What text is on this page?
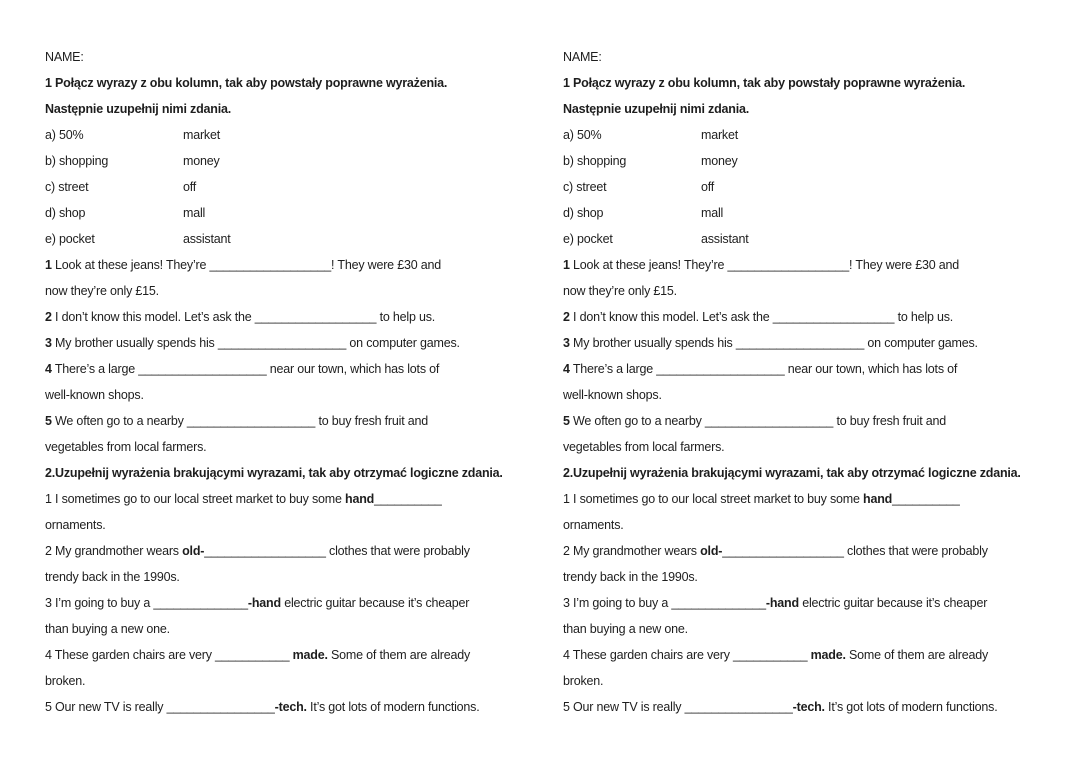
NAME:
1 Połącz wyrazy z obu kolumn, tak aby powstały poprawne wyrażenia.
Następnie uzupełnij nimi zdania.
a) 50%	market
b) shopping	money
c) street	off
d) shop	mall
e) pocket	assistant
1 Look at these jeans! They’re __________________! They were £30 and
now they’re only £15.
2 I don’t know this model. Let’s ask the __________________ to help us.
3 My brother usually spends his ___________________ on computer games.
4 There’s a large ___________________ near our town, which has lots of
well-known shops.
5 We often go to a nearby ___________________ to buy fresh fruit and
vegetables from local farmers.
2.Uzupełnij wyrażenia brakującymi wyrazami, tak aby otrzymać logiczne zdania.
1 I sometimes go to our local street market to buy some hand__________
ornaments.
2 My grandmother wears old-__________________ clothes that were probably
trendy back in the 1990s.
3 I’m going to buy a ______________-hand electric guitar because it’s cheaper
than buying a new one.
4 These garden chairs are very ___________ made. Some of them are already
broken.
5 Our new TV is really ________________-tech. It’s got lots of modern functions.
NAME:
1 Połącz wyrazy z obu kolumn, tak aby powstały poprawne wyrażenia.
Następnie uzupełnij nimi zdania.
a) 50%	market
b) shopping	money
c) street	off
d) shop	mall
e) pocket	assistant
1 Look at these jeans! They’re __________________! They were £30 and
now they’re only £15.
2 I don’t know this model. Let’s ask the __________________ to help us.
3 My brother usually spends his ___________________ on computer games.
4 There’s a large ___________________ near our town, which has lots of
well-known shops.
5 We often go to a nearby ___________________ to buy fresh fruit and
vegetables from local farmers.
2.Uzupełnij wyrażenia brakującymi wyrazami, tak aby otrzymać logiczne zdania.
1 I sometimes go to our local street market to buy some hand__________
ornaments.
2 My grandmother wears old-__________________ clothes that were probably
trendy back in the 1990s.
3 I’m going to buy a ______________-hand electric guitar because it’s cheaper
than buying a new one.
4 These garden chairs are very ___________ made. Some of them are already
broken.
5 Our new TV is really ________________-tech. It’s got lots of modern functions.
